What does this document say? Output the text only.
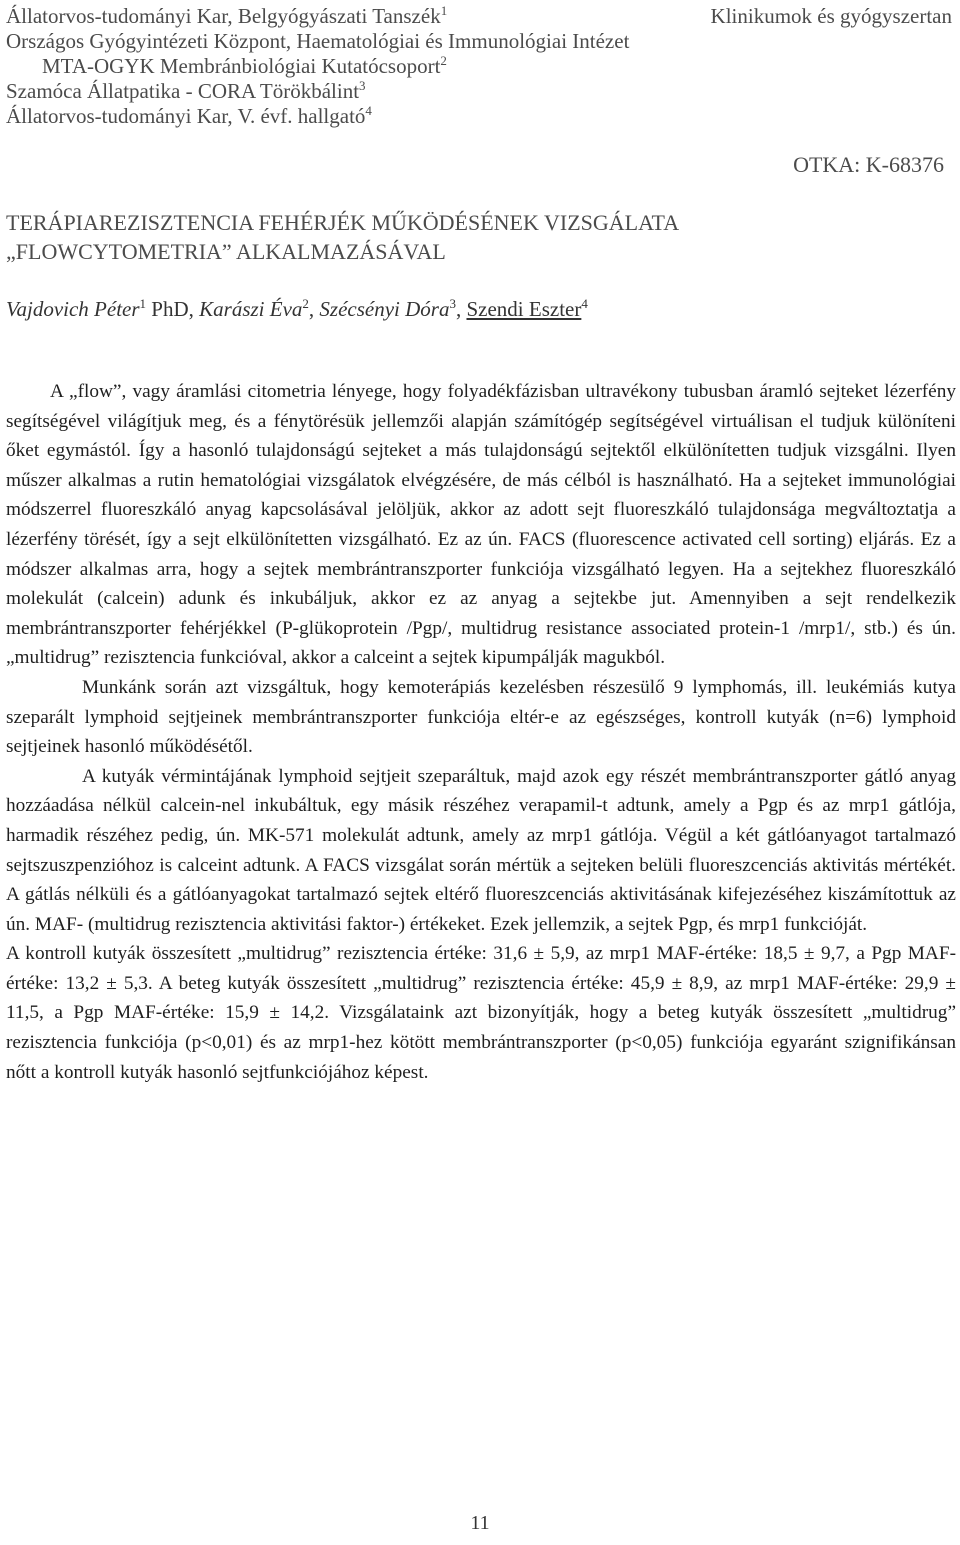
Állatorvos-tudományi Kar, Belgyógyászati Tanszék$^1$
Országos Gyógyintézeti Központ, Haematológiai és Immunológiai Intézet
MTA-OGYK Membránbiológiai Kutatócsoport$^2$
Szamóca Állatpatika - CORA Törökbálint$^3$
Állatorvos-tudományi Kar, V. évf. hallgató$^4$
Klinikumok és gyógyszertan
OTKA: K-68376
TERÁPIAREZISZTENCIA FEHÉRJÉK MŰKÖDÉSÉNEK VIZSGÁLATA
„FLOWCYTOMETRIA” ALKALMAZÁSÁVAL
Vajdovich Péter$^1$ PhD, Karászi Éva$^2$, Szécsényi Dóra$^3$, Szendi Eszter$^4$

A „flow”, vagy áramlási citometria lényege, hogy folyadékfázisban ultravékony tubusban áramló sejteket lézerfény segítségével világítjuk meg, és a fénytörésük jellemzői alapján számítógép segítségével virtuálisan el tudjuk különíteni őket egymástól. Így a hasonló tulajdonságú sejteket a más tulajdonságú sejtektől elkülönítetten tudjuk vizsgálni. Ilyen műszer alkalmas a rutin hematológiai vizsgálatok elvégzésére, de más célból is használható. Ha a sejteket immunológiai módszerrel fluoreszkáló anyag kapcsolásával jelöljük, akkor az adott sejt fluoreszkáló tulajdonsága megváltoztatja a lézerfény törését, így a sejt elkülönítetten vizsgálható. Ez az ún. FACS (fluorescence activated cell sorting) eljárás. Ez a módszer alkalmas arra, hogy a sejtek membrántranszporter funkciója vizsgálható legyen. Ha a sejtekhez fluoreszkáló molekulát (calcein) adunk és inkubáljuk, akkor ez az anyag a sejtekbe jut. Amennyiben a sejt rendelkezik membrántranszporter fehérjékkel (P-glükoprotein /Pgp/, multidrug resistance associated protein-1 /mrp1/, stb.) és ún. „multidrug” rezisztencia funkcióval, akkor a calceint a sejtek kipumpálják magukból.

Munkánk során azt vizsgáltuk, hogy kemoterápiás kezelésben részesülő 9 lymphomás, ill. leukémiás kutya szeparált lymphoid sejtjeinek membrántranszporter funkciója eltér-e az egészséges, kontroll kutyák (n=6) lymphoid sejtjeinek hasonló működésétől.

A kutyák vérmintájának lymphoid sejtjeit szeparáltuk, majd azok egy részét membrántranszporter gátló anyag hozzáadása nélkül calcein-nel inkubáltuk, egy másik részéhez verapamil-t adtunk, amely a Pgp és az mrp1 gátlója, harmadik részéhez pedig, ún. MK-571 molekulát adtunk, amely az mrp1 gátlója. Végül a két gátlóanyagot tartalmazó sejtszuszpenzióhoz is calceint adtunk. A FACS vizsgálat során mértük a sejteken belüli fluoreszcenciás aktivitás mértékét. A gátlás nélküli és a gátlóanyagokat tartalmazó sejtek eltérő fluoreszcenciás aktivitásának kifejezéséhez kiszámítottuk az ún. MAF- (multidrug rezisztencia aktivitási faktor-) értékeket. Ezek jellemzik, a sejtek Pgp, és mrp1 funkcióját.

A kontroll kutyák összesített „multidrug” rezisztencia értéke: 31,6 ± 5,9, az mrp1 MAF-értéke: 18,5 ± 9,7, a Pgp MAF-értéke: 13,2 ± 5,3. A beteg kutyák összesített „multidrug” rezisztencia értéke: 45,9 ± 8,9, az mrp1 MAF-értéke: 29,9 ± 11,5, a Pgp MAF-értéke: 15,9 ± 14,2. Vizsgálataink azt bizonyítják, hogy a beteg kutyák összesített „multidrug” rezisztencia funkciója (p<0,01) és az mrp1-hez kötött membrántranszporter (p<0,05) funkciója egyaránt szignifikánsan nőtt a kontroll kutyák hasonló sejtfunkciójához képest.

11
